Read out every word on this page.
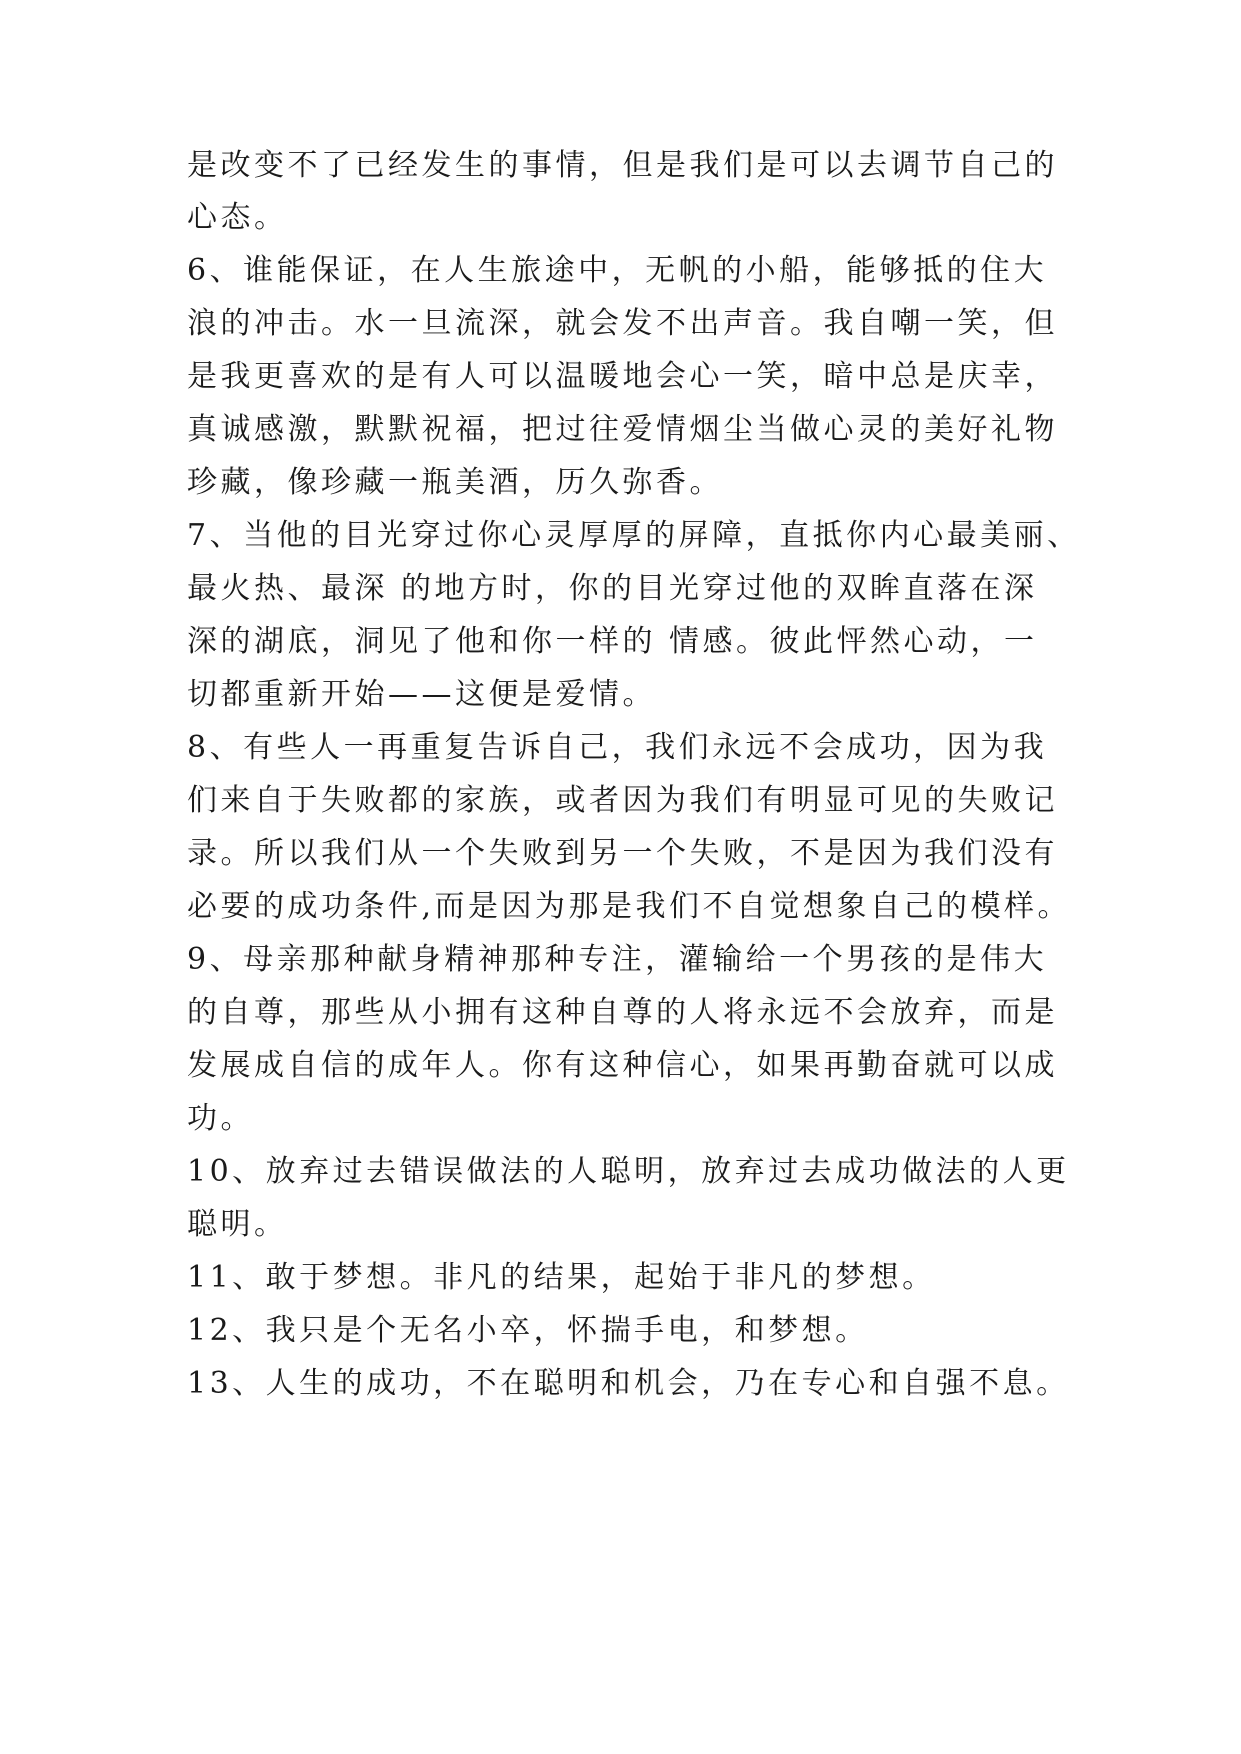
是改变不了已经发生的事情，但是我们是可以去调节自己的
心态。
6、谁能保证，在人生旅途中，无帆的小船，能够抵的住大
浪的冲击。水一旦流深，就会发不出声音。我自嘲一笑，但
是我更喜欢的是有人可以温暖地会心一笑，暗中总是庆幸，
真诚感激，默默祝福，把过往爱情烟尘当做心灵的美好礼物
珍藏，像珍藏一瓶美酒，历久弥香。
7、当他的目光穿过你心灵厚厚的屏障，直抵你内心最美丽、
最火热、最深 的地方时，你的目光穿过他的双眸直落在深
深的湖底，洞见了他和你一样的 情感。彼此怦然心动，一
切都重新开始——这便是爱情。
8、有些人一再重复告诉自己，我们永远不会成功，因为我
们来自于失败都的家族，或者因为我们有明显可见的失败记
录。所以我们从一个失败到另一个失败，不是因为我们没有
必要的成功条件,而是因为那是我们不自觉想象自己的模样。
9、母亲那种献身精神那种专注，灌输给一个男孩的是伟大
的自尊，那些从小拥有这种自尊的人将永远不会放弃，而是
发展成自信的成年人。你有这种信心，如果再勤奋就可以成
功。
10、放弃过去错误做法的人聪明，放弃过去成功做法的人更
聪明。
11、敢于梦想。非凡的结果，起始于非凡的梦想。
12、我只是个无名小卒，怀揣手电，和梦想。
13、人生的成功，不在聪明和机会，乃在专心和自强不息。
